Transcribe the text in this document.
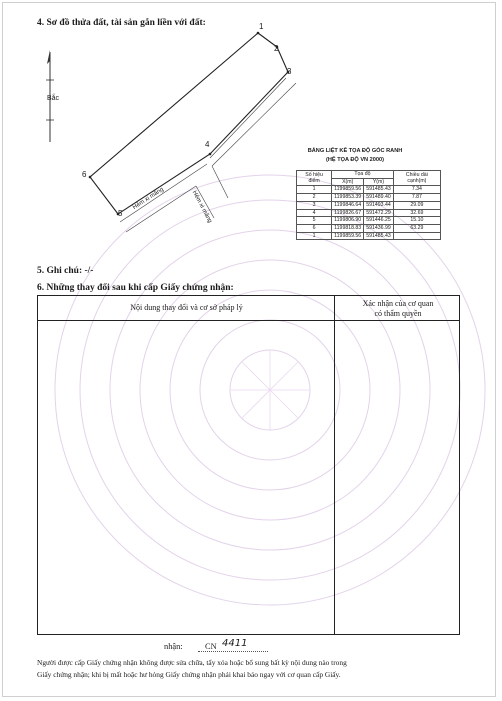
4. Sơ đồ thửa đất, tài sản gắn liền với đất:
Bắc
1
2
3
4
5
6
Hẻm xi măng	Hẻm xi măng
BẢNG LIỆT KÊ TỌA ĐỘ GÓC RANH
(HỆ TỌA ĐỘ VN 2000)
Số hiệu điểm	Tọa độ		Chiều dài cạnh(m)
	X(m)	Y(m)	
1	1199859.56	591485.43	7.34
2	1199853.39	591489.40	7.87
3	1199846.64	591493.44	29.09
4	1199826.67	591472.29	32.69
5	1199806.90	591446.25	15.10
6	1199818.83	591436.99	63.29
1	1199859.56	591485.43	
5. Ghi chú: -/-
6. Những thay đổi sau khi cấp Giấy chứng nhận:
Nội dung thay đổi và cơ sở pháp lý	Xác nhận của cơ quan
có thẩm quyền
nhận:	CN 4411
Người được cấp Giấy chứng nhận không được sửa chữa, tẩy xóa hoặc bổ sung bất kỳ nội dung nào trong
Giấy chứng nhận; khi bị mất hoặc hư hỏng Giấy chứng nhận phải khai báo ngay với cơ quan cấp Giấy.
